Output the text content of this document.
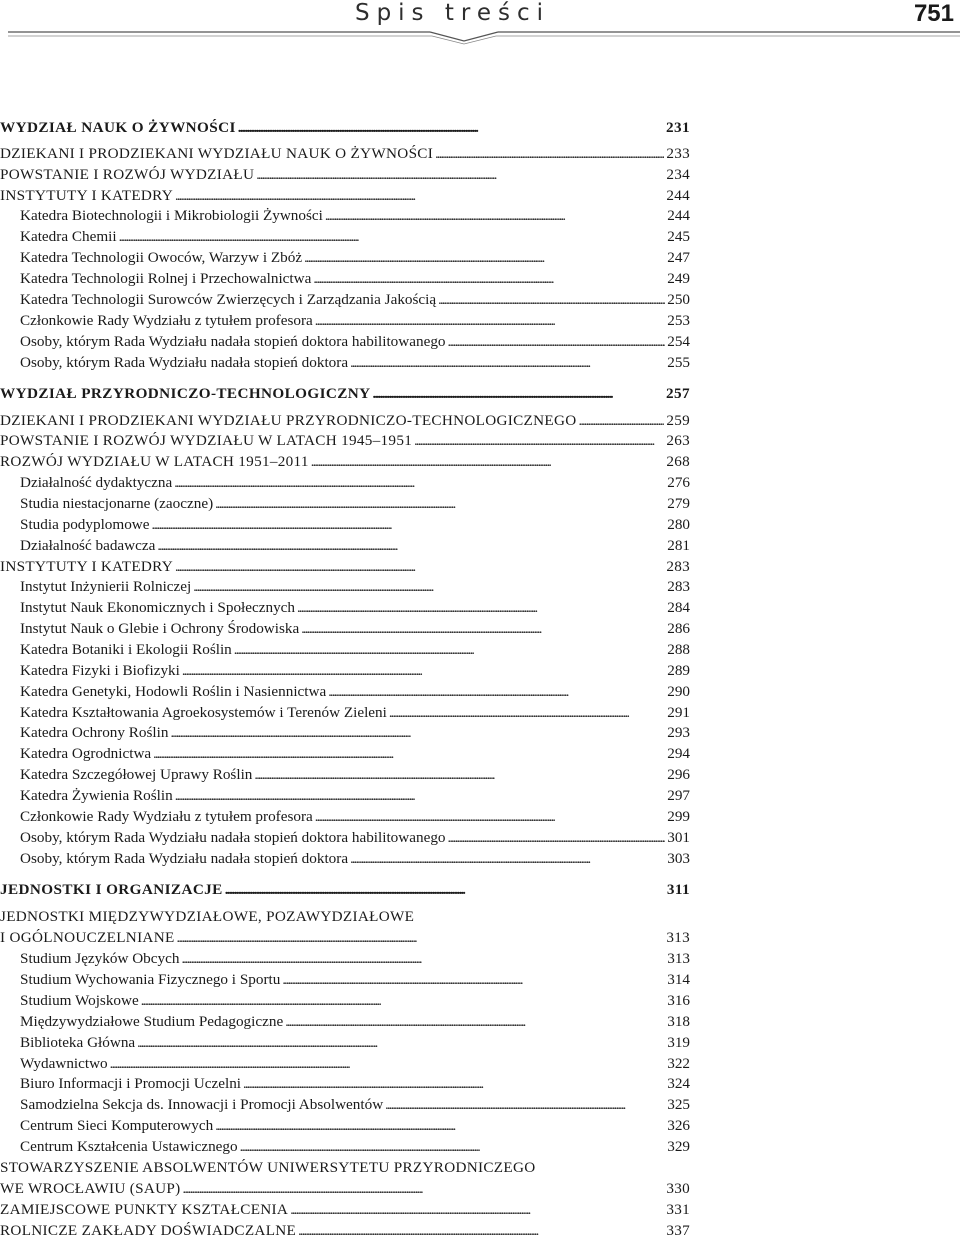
Spis treści	751
WYDZIAŁ NAUK O ŻYWNOŚCI . . .	231
DZIEKANI I PRODZIEKANI WYDZIAŁU NAUK O ŻYWNOŚCI . . .	233
POWSTANIE I ROZWÓJ WYDZIAŁU . . .	234
INSTYTUTY I KATEDRY . . .	244
Katedra Biotechnologii i Mikrobiologii Żywności . . .	244
Katedra Chemii . . .	245
Katedra Technologii Owoców, Warzyw i Zbóż . . .	247
Katedra Technologii Rolnej i Przechowalnictwa . . .	249
Katedra Technologii Surowców Zwierzęcych i Zarządzania Jakością . . .	250
Członkowie Rady Wydziału z tytułem profesora . . .	253
Osoby, którym Rada Wydziału nadała stopień doktora habilitowanego . . .	254
Osoby, którym Rada Wydziału nadała stopień doktora . . .	255
WYDZIAŁ PRZYRODNICZO-TECHNOLOGICZNY . . .	257
DZIEKANI I PRODZIEKANI WYDZIAŁU PRZYRODNICZO-TECHNOLOGICZNEGO . . .	259
POWSTANIE I ROZWÓJ WYDZIAŁU W LATACH 1945–1951 . . .	263
ROZWÓJ WYDZIAŁU W LATACH 1951–2011 . . .	268
Działalność dydaktyczna . . .	276
Studia niestacjonarne (zaoczne) . . .	279
Studia podyplomowe . . .	280
Działalność badawcza . . .	281
INSTYTUTY I KATEDRY . . .	283
Instytut Inżynierii Rolniczej . . .	283
Instytut Nauk Ekonomicznych i Społecznych . . .	284
Instytut Nauk o Glebie i Ochrony Środowiska . . .	286
Katedra Botaniki i Ekologii Roślin . . .	288
Katedra Fizyki i Biofizyki . . .	289
Katedra Genetyki, Hodowli Roślin i Nasiennictwa . . .	290
Katedra Kształtowania Agroekosystemów i Terenów Zieleni . . .	291
Katedra Ochrony Roślin . . .	293
Katedra Ogrodnictwa . . .	294
Katedra Szczegółowej Uprawy Roślin . . .	296
Katedra Żywienia Roślin . . .	297
Członkowie Rady Wydziału z tytułem profesora . . .	299
Osoby, którym Rada Wydziału nadała stopień doktora habilitowanego . . .	301
Osoby, którym Rada Wydziału nadała stopień doktora . . .	303
JEDNOSTKI I ORGANIZACJE . . .	311
JEDNOSTKI MIĘDZYWYDZIAŁOWE, POZAWYDZIAŁOWE
I OGÓLNOUCZELNIANE . . .	313
Studium Języków Obcych . . .	313
Studium Wychowania Fizycznego i Sportu . . .	314
Studium Wojskowe . . .	316
Międzywydziałowe Studium Pedagogiczne . . .	318
Biblioteka Główna . . .	319
Wydawnictwo . . .	322
Biuro Informacji i Promocji Uczelni . . .	324
Samodzielna Sekcja ds. Innowacji i Promocji Absolwentów . . .	325
Centrum Sieci Komputerowych . . .	326
Centrum Kształcenia Ustawicznego . . .	329
STOWARZYSZENIE ABSOLWENTÓW UNIWERSYTETU PRZYRODNICZEGO
WE WROCŁAWIU (SAUP) . . .	330
ZAMIEJSCOWE PUNKTY KSZTAŁCENIA . . .	331
ROLNICZE ZAKŁADY DOŚWIADCZALNE . . .	337
